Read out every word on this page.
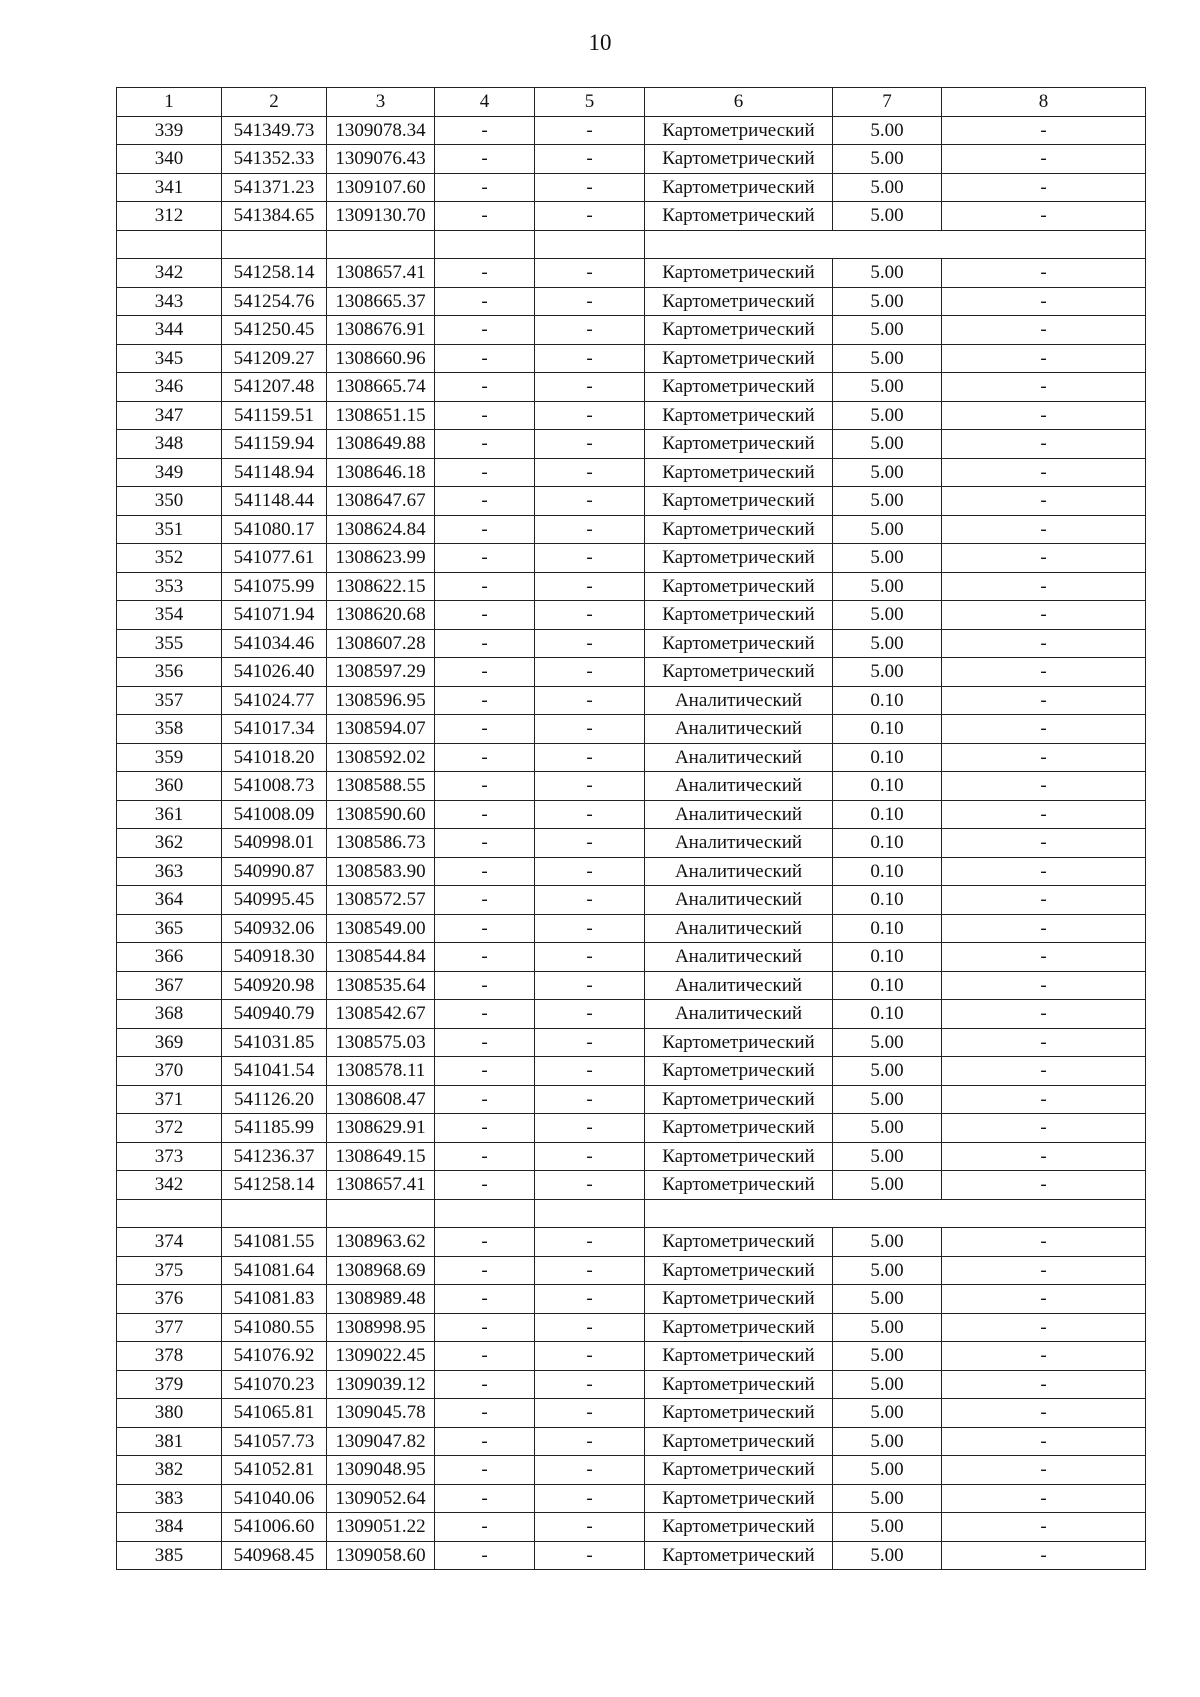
10
1	2	3	4	5	6	7	8
339	541349.73	1309078.34	-	-	Картометрический	5.00	-
340	541352.33	1309076.43	-	-	Картометрический	5.00	-
341	541371.23	1309107.60	-	-	Картометрический	5.00	-
312	541384.65	1309130.70	-	-	Картометрический	5.00	-

342	541258.14	1308657.41	-	-	Картометрический	5.00	-
343	541254.76	1308665.37	-	-	Картометрический	5.00	-
344	541250.45	1308676.91	-	-	Картометрический	5.00	-
345	541209.27	1308660.96	-	-	Картометрический	5.00	-
346	541207.48	1308665.74	-	-	Картометрический	5.00	-
347	541159.51	1308651.15	-	-	Картометрический	5.00	-
348	541159.94	1308649.88	-	-	Картометрический	5.00	-
349	541148.94	1308646.18	-	-	Картометрический	5.00	-
350	541148.44	1308647.67	-	-	Картометрический	5.00	-
351	541080.17	1308624.84	-	-	Картометрический	5.00	-
352	541077.61	1308623.99	-	-	Картометрический	5.00	-
353	541075.99	1308622.15	-	-	Картометрический	5.00	-
354	541071.94	1308620.68	-	-	Картометрический	5.00	-
355	541034.46	1308607.28	-	-	Картометрический	5.00	-
356	541026.40	1308597.29	-	-	Картометрический	5.00	-
357	541024.77	1308596.95	-	-	Аналитический	0.10	-
358	541017.34	1308594.07	-	-	Аналитический	0.10	-
359	541018.20	1308592.02	-	-	Аналитический	0.10	-
360	541008.73	1308588.55	-	-	Аналитический	0.10	-
361	541008.09	1308590.60	-	-	Аналитический	0.10	-
362	540998.01	1308586.73	-	-	Аналитический	0.10	-
363	540990.87	1308583.90	-	-	Аналитический	0.10	-
364	540995.45	1308572.57	-	-	Аналитический	0.10	-
365	540932.06	1308549.00	-	-	Аналитический	0.10	-
366	540918.30	1308544.84	-	-	Аналитический	0.10	-
367	540920.98	1308535.64	-	-	Аналитический	0.10	-
368	540940.79	1308542.67	-	-	Аналитический	0.10	-
369	541031.85	1308575.03	-	-	Картометрический	5.00	-
370	541041.54	1308578.11	-	-	Картометрический	5.00	-
371	541126.20	1308608.47	-	-	Картометрический	5.00	-
372	541185.99	1308629.91	-	-	Картометрический	5.00	-
373	541236.37	1308649.15	-	-	Картометрический	5.00	-
342	541258.14	1308657.41	-	-	Картометрический	5.00	-

374	541081.55	1308963.62	-	-	Картометрический	5.00	-
375	541081.64	1308968.69	-	-	Картометрический	5.00	-
376	541081.83	1308989.48	-	-	Картометрический	5.00	-
377	541080.55	1308998.95	-	-	Картометрический	5.00	-
378	541076.92	1309022.45	-	-	Картометрический	5.00	-
379	541070.23	1309039.12	-	-	Картометрический	5.00	-
380	541065.81	1309045.78	-	-	Картометрический	5.00	-
381	541057.73	1309047.82	-	-	Картометрический	5.00	-
382	541052.81	1309048.95	-	-	Картометрический	5.00	-
383	541040.06	1309052.64	-	-	Картометрический	5.00	-
384	541006.60	1309051.22	-	-	Картометрический	5.00	-
385	540968.45	1309058.60	-	-	Картометрический	5.00	-
